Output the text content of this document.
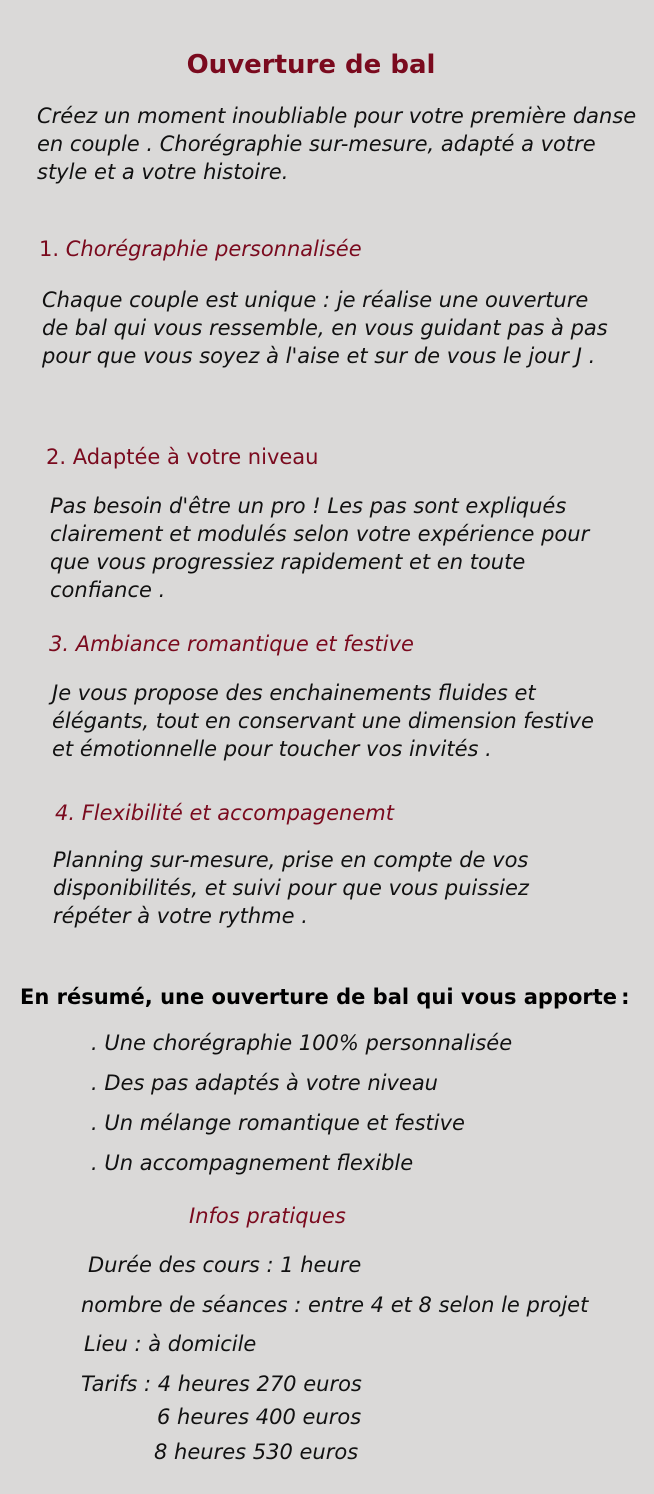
Ouverture de bal
Créez un moment inoubliable pour votre première danse en couple . Chorégraphie sur-mesure, adapté a votre style et a votre histoire.
1. Chorégraphie personnalisée
Chaque couple est unique : je réalise une ouverture de bal qui vous ressemble, en vous guidant pas à pas pour que vous soyez à l'aise et sur de vous le jour J .
2. Adaptée à votre niveau
Pas besoin d'être un pro ! Les pas sont expliqués clairement et modulés selon votre expérience pour que vous progressiez rapidement et en toute confiance .
3. Ambiance romantique et festive
Je vous propose des enchainements fluides et élégants, tout en conservant une dimension festive et émotionnelle pour toucher vos invités .
4. Flexibilité et accompagenemt
Planning sur-mesure, prise en compte de vos disponibilités, et suivi pour que vous puissiez répéter à votre rythme .
En résumé, une ouverture de bal qui vous apporte :
. Une chorégraphie 100% personnalisée
. Des pas adaptés à votre niveau
. Un mélange romantique et festive
. Un accompagnement flexible
Infos pratiques
Durée des cours : 1 heure
nombre de séances : entre 4 et 8 selon le projet
Lieu : à domicile
Tarifs : 4 heures 270 euros
6 heures 400 euros
8 heures 530 euros
